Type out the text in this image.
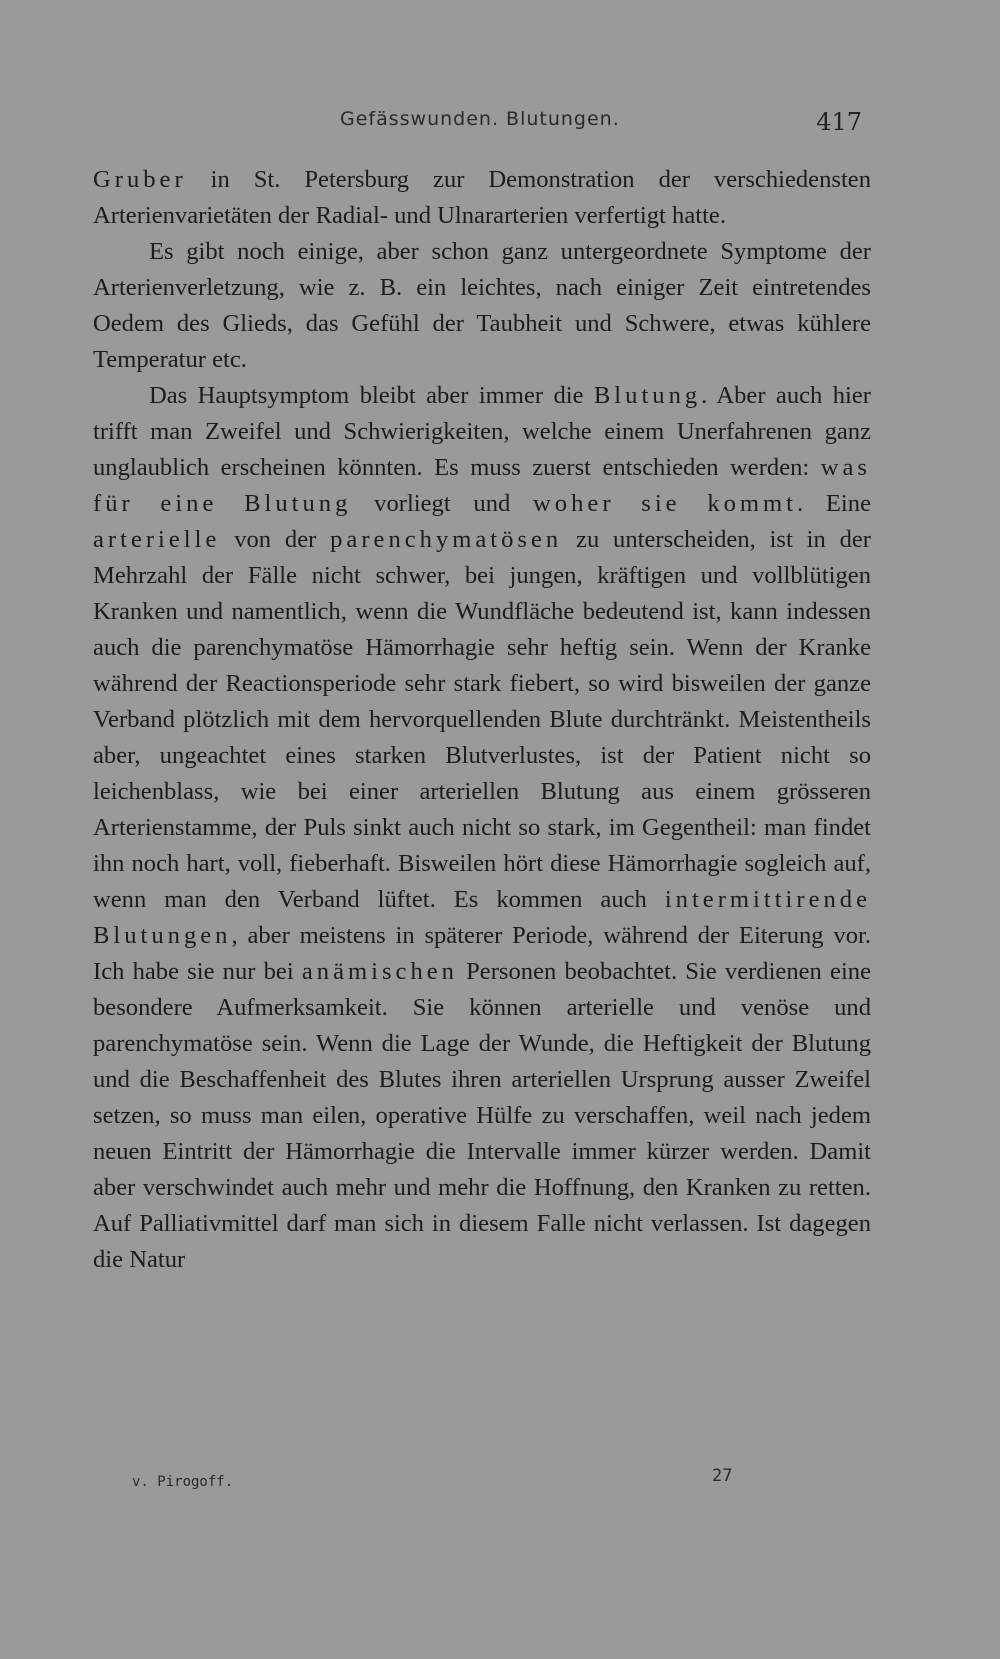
Gefässwunden. Blutungen.	417

Gruber in St. Petersburg zur Demonstration der verschiedensten Arterienvarietäten der Radial- und Ulnararterien verfertigt hatte.

Es gibt noch einige, aber schon ganz untergeordnete Symptome der Arterienverletzung, wie z. B. ein leichtes, nach einiger Zeit eintretendes Oedem des Glieds, das Gefühl der Taubheit und Schwere, etwas kühlere Temperatur etc.

Das Hauptsymptom bleibt aber immer die Blutung. Aber auch hier trifft man Zweifel und Schwierigkeiten, welche einem Unerfahrenen ganz unglaublich erscheinen könnten. Es muss zuerst entschieden werden: was für eine Blutung vorliegt und woher sie kommt. Eine arterielle von der parenchymatösen zu unterscheiden, ist in der Mehrzahl der Fälle nicht schwer, bei jungen, kräftigen und vollblütigen Kranken und namentlich, wenn die Wundfläche bedeutend ist, kann indessen auch die parenchymatöse Hämorrhagie sehr heftig sein. Wenn der Kranke während der Reactionsperiode sehr stark fiebert, so wird bisweilen der ganze Verband plötzlich mit dem hervorquellenden Blute durchtränkt. Meistentheils aber, ungeachtet eines starken Blutverlustes, ist der Patient nicht so leichenblass, wie bei einer arteriellen Blutung aus einem grösseren Arterienstamme, der Puls sinkt auch nicht so stark, im Gegentheil: man findet ihn noch hart, voll, fieberhaft. Bisweilen hört diese Hämorrhagie sogleich auf, wenn man den Verband lüftet. Es kommen auch intermittirende Blutungen, aber meistens in späterer Periode, während der Eiterung vor. Ich habe sie nur bei anämischen Personen beobachtet. Sie verdienen eine besondere Aufmerksamkeit. Sie können arterielle und venöse und parenchymatöse sein. Wenn die Lage der Wunde, die Heftigkeit der Blutung und die Beschaffenheit des Blutes ihren arteriellen Ursprung ausser Zweifel setzen, so muss man eilen, operative Hülfe zu verschaffen, weil nach jedem neuen Eintritt der Hämorrhagie die Intervalle immer kürzer werden. Damit aber verschwindet auch mehr und mehr die Hoffnung, den Kranken zu retten. Auf Palliativmittel darf man sich in diesem Falle nicht verlassen. Ist dagegen die Natur

v. Pirogoff.	27
